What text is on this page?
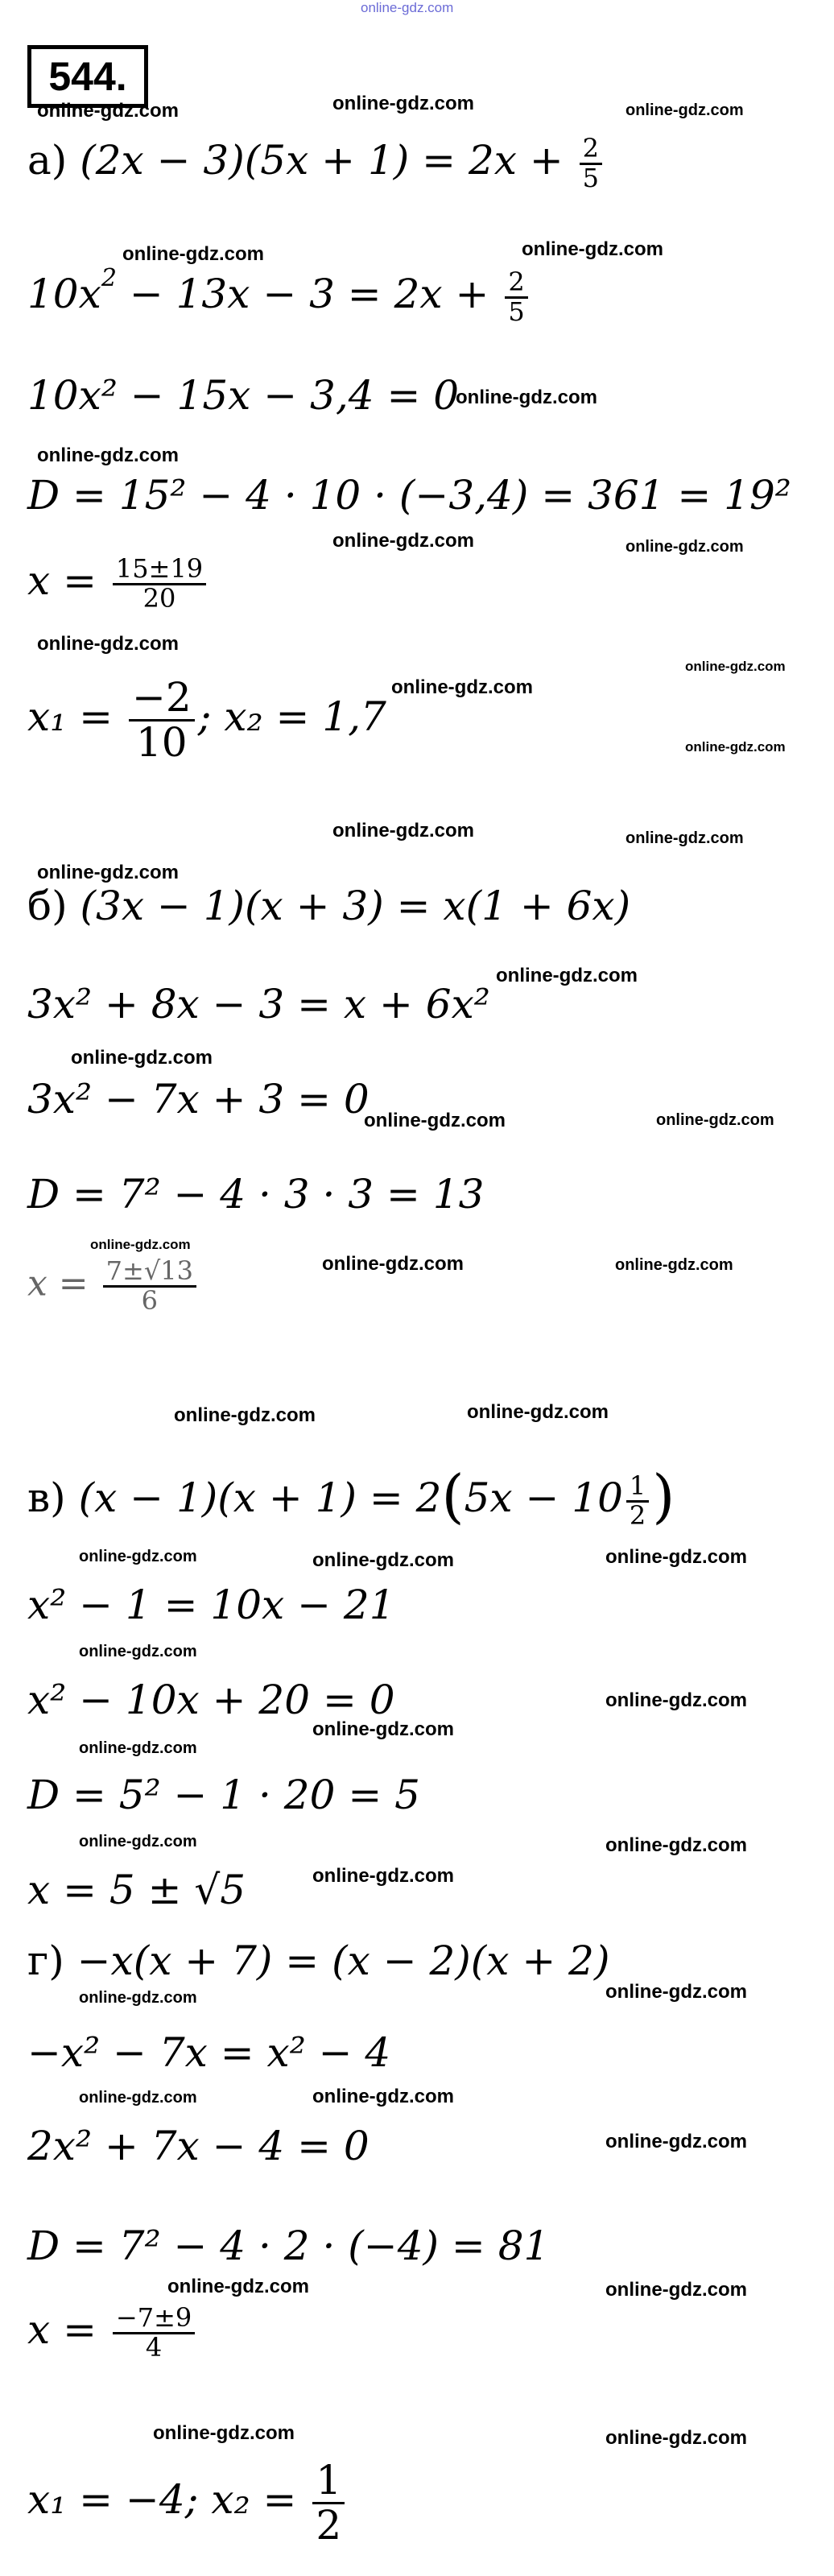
online-gdz.com
544.
online-gdz.com	online-gdz.com	online-gdz.com
а) $(2x - 3)(5x + 1) = 2x + \frac{2}{5}$
online-gdz.com	online-gdz.com
$10x^2 - 13x - 3 = 2x + \frac{2}{5}$
10x² − 15x − 3,4 = 0
online-gdz.com
online-gdz.com
D = 15² − 4 · 10 · (−3,4) = 361 = 19²
online-gdz.com	online-gdz.com
$x = \frac{15\pm 19}{20}$
online-gdz.com
online-gdz.com
online-gdz.com
online-gdz.com
$x_1 = \frac{-2}{10}$ ; x₂ = 1,7
online-gdz.com	online-gdz.com
online-gdz.com
б) (3x − 1)(x + 3) = x(1 + 6x)
online-gdz.com
3x² + 8x − 3 = x + 6x²
online-gdz.com
3x² − 7x + 3 = 0
online-gdz.com	online-gdz.com
D = 7² − 4 · 3 · 3 = 13
online-gdz.com
online-gdz.com	online-gdz.com
$x = \frac{7\pm√13}{6}$
online-gdz.com	online-gdz.com
в) $(x - 1)(x + 1) = 2(5x - 10 \frac{1}{2}$ )
online-gdz.com	online-gdz.com	online-gdz.com
x² − 1 = 10x − 21
online-gdz.com
x² − 10x + 20 = 0	online-gdz.com
online-gdz.com
online-gdz.com
D = 5² − 1 · 20 = 5
online-gdz.com
online-gdz.com
x = 5 ± √5	online-gdz.com
г) −x(x + 7) = (x − 2)(x + 2)
online-gdz.com	online-gdz.com
−x² − 7x = x² − 4
online-gdz.com	online-gdz.com
2x² + 7x − 4 = 0	online-gdz.com
D = 7² − 4 · 2 · (−4) = 81
online-gdz.com	online-gdz.com
$x = \frac{-7\pm 9}{4}$
online-gdz.com	online-gdz.com
x₁ = −4; $x_2 = \frac{1}{2}$
